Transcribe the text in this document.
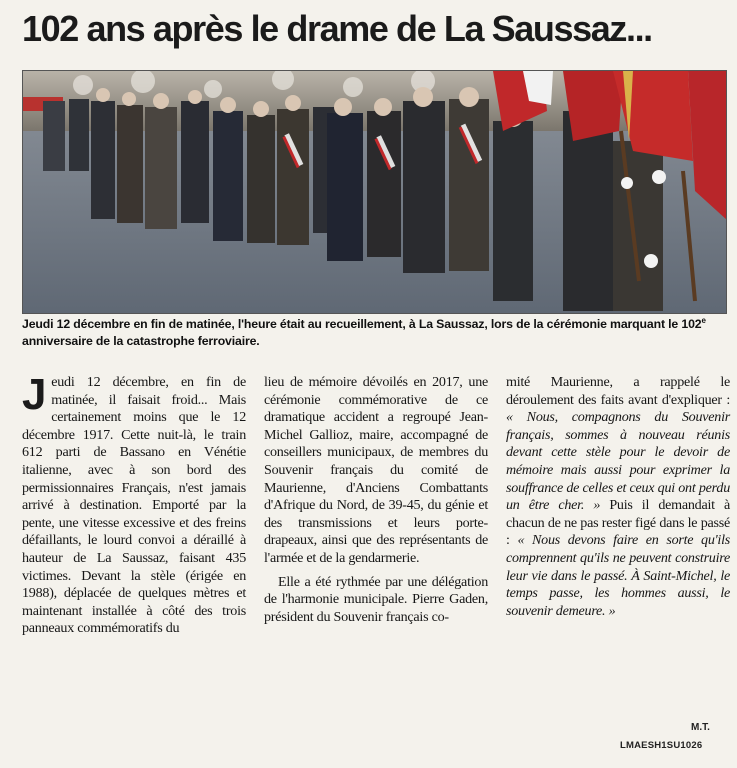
102 ans après le drame de La Saussaz...
Jeudi 12 décembre en fin de matinée, l'heure était au recueillement, à La Saussaz, lors de la cérémonie marquant le 102e anniversaire de la catastrophe ferroviaire.

Jeudi 12 décembre, en fin de matinée, il faisait froid... Mais certainement moins que le 12 décembre 1917. Cette nuit-là, le train 612 parti de Bassano en Vénétie italienne, avec à son bord des permissionnaires Français, n'est jamais arrivé à destination. Emporté par la pente, une vitesse excessive et des freins défaillants, le lourd convoi a déraillé à hauteur de La Saussaz, faisant 435 victimes. Devant la stèle (érigée en 1988), déplacée de quelques mètres et maintenant installée à côté des trois panneaux commémoratifs du

lieu de mémoire dévoilés en 2017, une cérémonie commémorative de ce dramatique accident a regroupé Jean-Michel Gallioz, maire, accompagné de conseillers municipaux, de membres du Souvenir français du comité de Maurienne, d'Anciens Combattants d'Afrique du Nord, de 39-45, du génie et des transmissions et leurs porte-drapeaux, ainsi que des représentants de l'armée et de la gendarmerie.

Elle a été rythmée par une délégation de l'harmonie municipale. Pierre Gaden, président du Souvenir français co-

mité Maurienne, a rappelé le déroulement des faits avant d'expliquer : « Nous, compagnons du Souvenir français, sommes à nouveau réunis devant cette stèle pour le devoir de mémoire mais aussi pour exprimer la souffrance de celles et ceux qui ont perdu un être cher. » Puis il demandait à chacun de ne pas rester figé dans le passé : « Nous devons faire en sorte qu'ils comprennent qu'ils ne peuvent construire leur vie dans le passé. À Saint-Michel, le temps passe, les hommes aussi, le souvenir demeure. »

M.T.
LMAESH1SU1026
